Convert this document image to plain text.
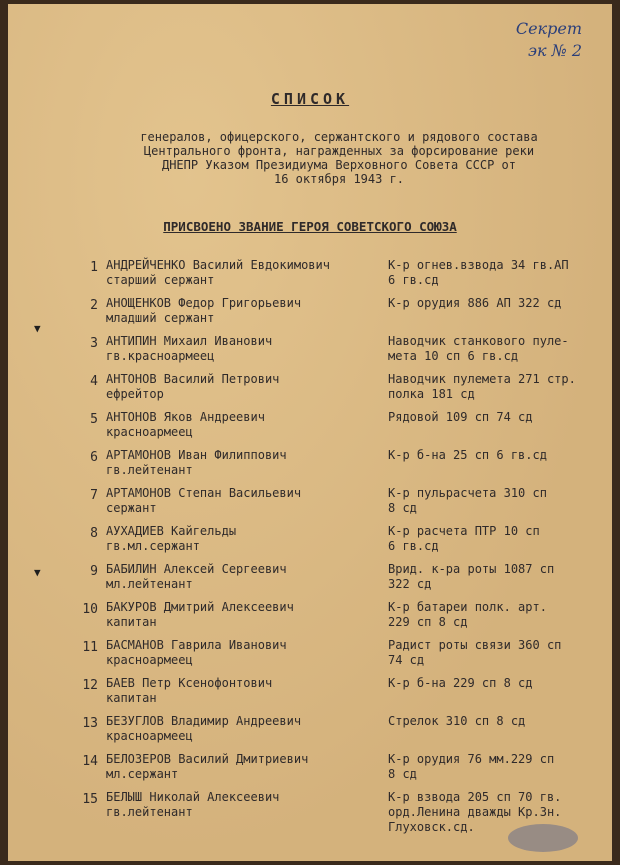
Секрет
эк № 2
СПИСОК
генералов, офицерского, сержантского и рядового состава
Центрального фронта, награжденных за форсирование реки
ДНЕПР Указом Президиума Верховного Совета СССР от
16 октября 1943 г.
ПРИСВОЕНО ЗВАНИЕ ГЕРОЯ СОВЕТСКОГО СОЮЗА
1 АНДРЕЙЧЕНКО Василий Евдокимович
старший сержант
К-р огнев.взвода 34 гв.АП
6 гв.сд
2 АНОЩЕНКОВ Федор Григорьевич
младший сержант
К-р орудия 886 АП 322 сд
3 АНТИПИН Михаил Иванович
гв.красноармеец
Наводчик станкового пуле-
мета 10 сп 6 гв.сд
4 АНТОНОВ Василий Петрович
ефрейтор
Наводчик пулемета 271 стр.
полка 181 сд
5 АНТОНОВ Яков Андреевич
красноармеец
Рядовой 109 сп 74 сд
6 АРТАМОНОВ Иван Филиппович
гв.лейтенант
К-р б-на 25 сп 6 гв.сд
7 АРТАМОНОВ Степан Васильевич
сержант
К-р пульрасчета 310 сп
8 сд
8 АУХАДИЕВ Кайгельды
гв.мл.сержант
К-р расчета ПТР 10 сп
6 гв.сд
9 БАБИЛИН Алексей Сергеевич
мл.лейтенант
Врид. к-ра роты 1087 сп
322 сд
10 БАКУРОВ Дмитрий Алексеевич
капитан
К-р батареи полк. арт.
229 сп 8 сд
11 БАСМАНОВ Гаврила Иванович
красноармеец
Радист роты связи 360 сп
74 сд
12 БАЕВ Петр Ксенофонтович
капитан
К-р б-на 229 сп 8 сд
13 БЕЗУГЛОВ Владимир Андреевич
красноармеец
Стрелок 310 сп 8 сд
14 БЕЛОЗЕРОВ Василий Дмитриевич
мл.сержант
К-р орудия 76 мм.229 сп
8 сд
15 БЕЛЫШ Николай Алексеевич
гв.лейтенант
К-р взвода 205 сп 70 гв.
орд.Ленина дважды Кр.Зн.
Глуховск.сд.
▼
▼
